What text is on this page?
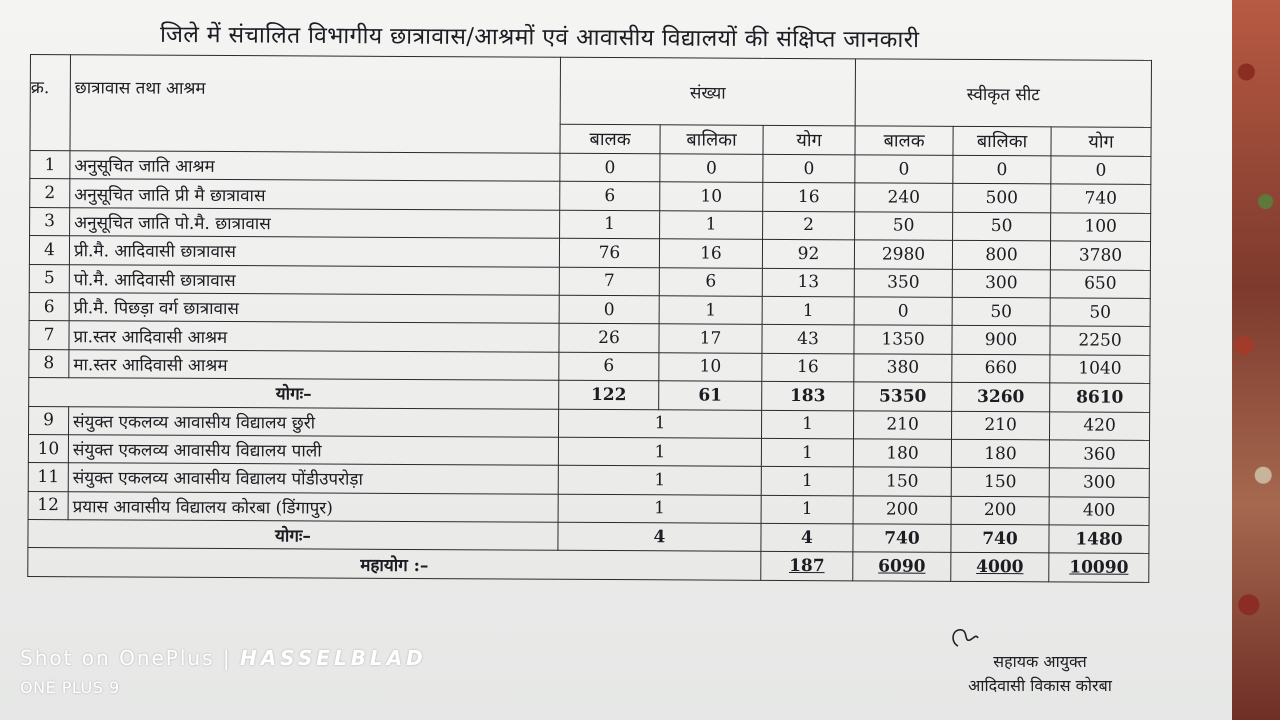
जिले में संचालित विभागीय छात्रावास/आश्रमों एवं आवासीय विद्यालयों की संक्षिप्त जानकारी
क्र.	छात्रावास तथा आश्रम	संख्या			स्वीकृत सीट		
		बालक	बालिका	योग	बालक	बालिका	योग
1	अनुसूचित जाति आश्रम	0	0	0	0	0	0
2	अनुसूचित जाति प्री मै छात्रावास	6	10	16	240	500	740
3	अनुसूचित जाति पो.मै. छात्रावास	1	1	2	50	50	100
4	प्री.मै. आदिवासी छात्रावास	76	16	92	2980	800	3780
5	पो.मै. आदिवासी छात्रावास	7	6	13	350	300	650
6	प्री.मै. पिछड़ा वर्ग छात्रावास	0	1	1	0	50	50
7	प्रा.स्तर आदिवासी आश्रम	26	17	43	1350	900	2250
8	मा.स्तर आदिवासी आश्रम	6	10	16	380	660	1040
योगः–		122	61	183	5350	3260	8610
9	संयुक्त एकलव्य आवासीय विद्यालय छुरी	1		1	210	210	420
10	संयुक्त एकलव्य आवासीय विद्यालय पाली	1		1	180	180	360
11	संयुक्त एकलव्य आवासीय विद्यालय पोंडीउपरोड़ा	1		1	150	150	300
12	प्रयास आवासीय विद्यालय कोरबा (डिंगापुर)	1		1	200	200	400
योगः–		4		4	740	740	1480
महायोग :–				187	6090	4000	10090
Shot on OnePlus | HASSELBLAD
ONE PLUS 9
सहायक आयुक्त
आदिवासी विकास कोरबा
